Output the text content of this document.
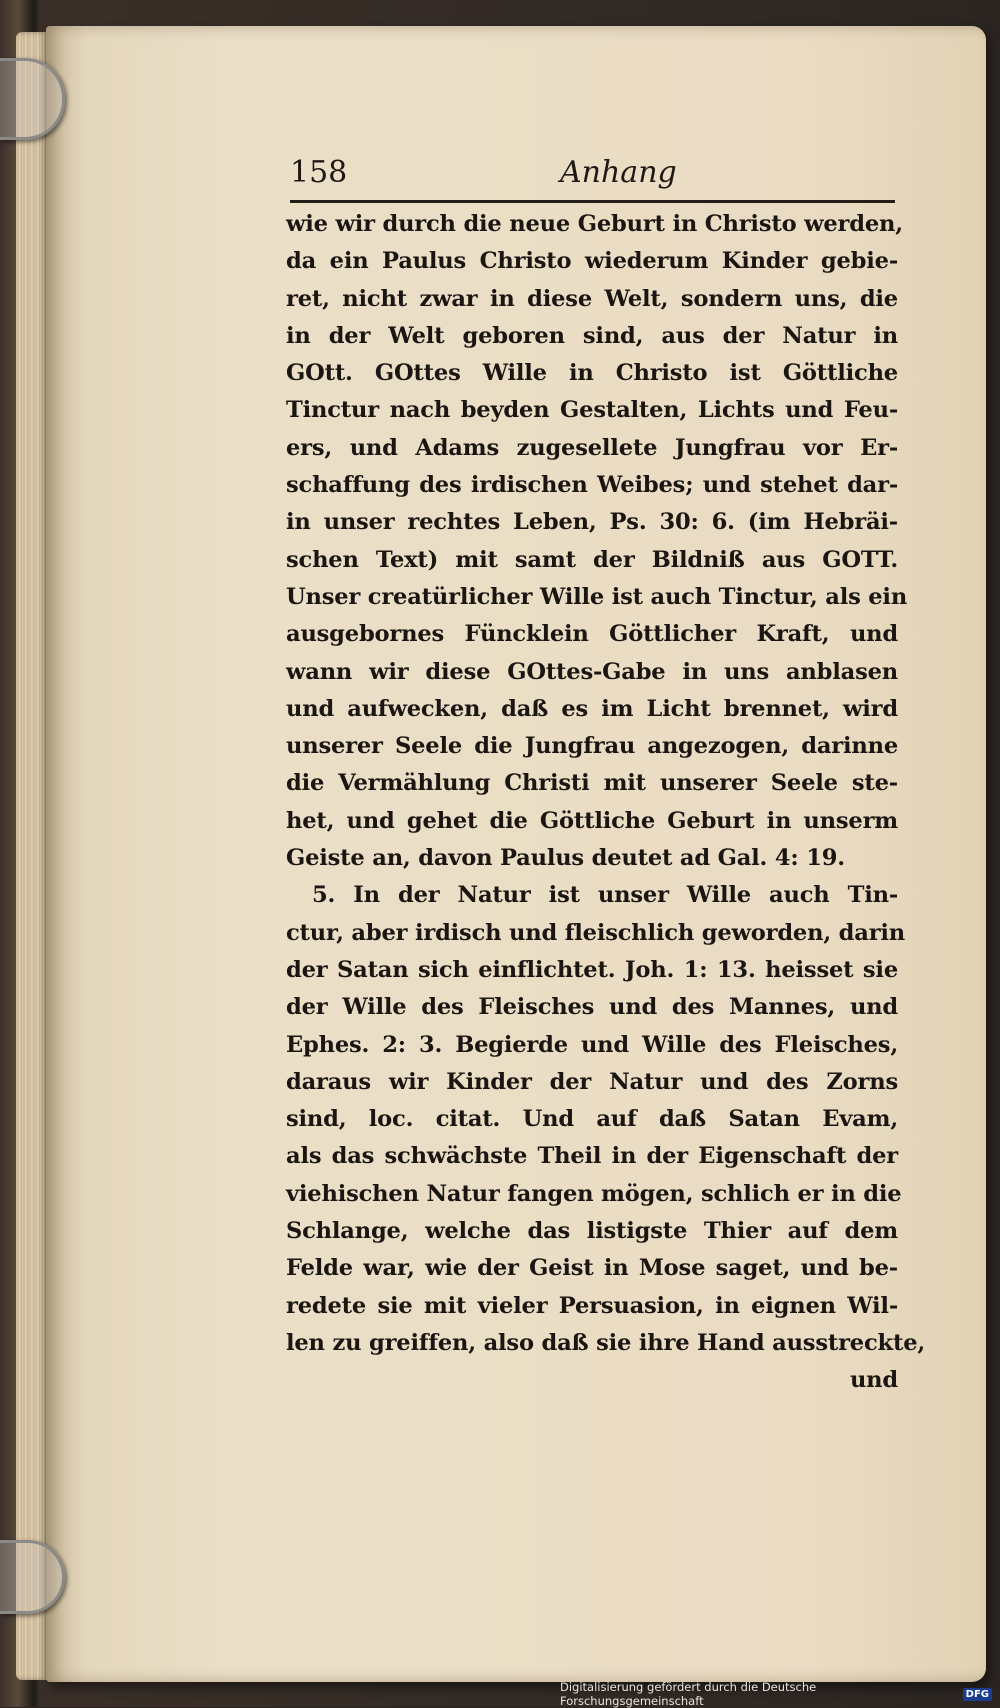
158	Anhang
wie wir durch die neue Geburt in Christo werden,
da ein Paulus Christo wiederum Kinder gebie-
ret, nicht zwar in diese Welt, sondern uns, die
in der Welt geboren sind, aus der Natur in
GOtt. GOttes Wille in Christo ist Göttliche
Tinctur nach beyden Gestalten, Lichts und Feu-
ers, und Adams zugesellete Jungfrau vor Er-
schaffung des irdischen Weibes; und stehet dar-
in unser rechtes Leben, Ps. 30: 6. (im Hebräi-
schen Text) mit samt der Bildniß aus GOTT.
Unser creatürlicher Wille ist auch Tinctur, als ein
ausgebornes Füncklein Göttlicher Kraft, und
wann wir diese GOttes-Gabe in uns anblasen
und aufwecken, daß es im Licht brennet, wird
unserer Seele die Jungfrau angezogen, darinne
die Vermählung Christi mit unserer Seele ste-
het, und gehet die Göttliche Geburt in unserm
Geiste an, davon Paulus deutet ad Gal. 4: 19.
5. In der Natur ist unser Wille auch Tin-
ctur, aber irdisch und fleischlich geworden, darin
der Satan sich einflichtet. Joh. 1: 13. heisset sie
der Wille des Fleisches und des Mannes, und
Ephes. 2: 3. Begierde und Wille des Fleisches,
daraus wir Kinder der Natur und des Zorns
sind, loc. citat. Und auf daß Satan Evam,
als das schwächste Theil in der Eigenschaft der
viehischen Natur fangen mögen, schlich er in die
Schlange, welche das listigste Thier auf dem
Felde war, wie der Geist in Mose saget, und be-
redete sie mit vieler Persuasion, in eignen Wil-
len zu greiffen, also daß sie ihre Hand ausstreckte,
und
Digitalisierung gefördert durch die Deutsche Forschungsgemeinschaft	DFG
